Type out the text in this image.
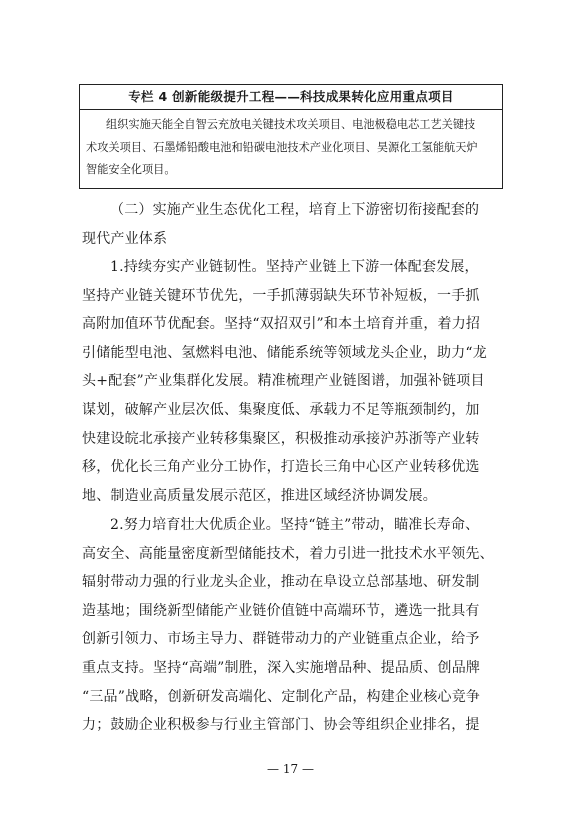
专栏 4 创新能级提升工程——科技成果转化应用重点项目
组织实施天能全自智云充放电关键技术攻关项目、电池极稳电芯工艺关键技
术攻关项目、石墨烯铅酸电池和铅碳电池技术产业化项目、昊源化工氢能航天炉
智能安全化项目。
（二）实施产业生态优化工程，培育上下游密切衔接配套的
现代产业体系
1.持续夯实产业链韧性。坚持产业链上下游一体配套发展，
坚持产业链关键环节优先，一手抓薄弱缺失环节补短板，一手抓
高附加值环节优配套。坚持“双招双引”和本土培育并重，着力招
引储能型电池、氢燃料电池、储能系统等领域龙头企业，助力“龙
头+配套”产业集群化发展。精准梳理产业链图谱，加强补链项目
谋划，破解产业层次低、集聚度低、承载力不足等瓶颈制约，加
快建设皖北承接产业转移集聚区，积极推动承接沪苏浙等产业转
移，优化长三角产业分工协作，打造长三角中心区产业转移优选
地、制造业高质量发展示范区，推进区域经济协调发展。
2.努力培育壮大优质企业。坚持“链主”带动，瞄准长寿命、
高安全、高能量密度新型储能技术，着力引进一批技术水平领先、
辐射带动力强的行业龙头企业，推动在阜设立总部基地、研发制
造基地；围绕新型储能产业链价值链中高端环节，遴选一批具有
创新引领力、市场主导力、群链带动力的产业链重点企业，给予
重点支持。坚持“高端”制胜，深入实施增品种、提品质、创品牌
“三品”战略，创新研发高端化、定制化产品，构建企业核心竞争
力；鼓励企业积极参与行业主管部门、协会等组织企业排名，提
— 17 —
